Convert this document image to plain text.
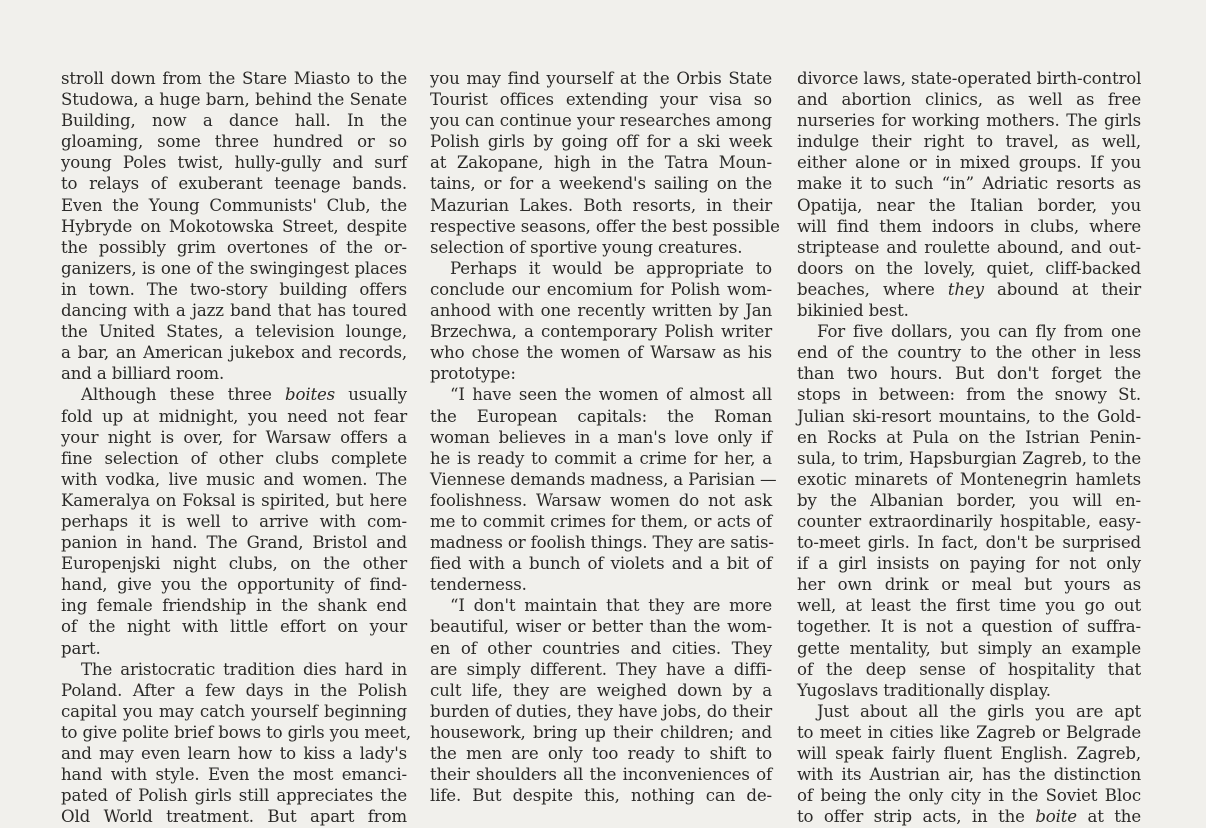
stroll down from the Stare Miasto to the
Studowa, a huge barn, behind the Senate
Building, now a dance hall. In the
gloaming, some three hundred or so
young Poles twist, hully-gully and surf
to relays of exuberant teenage bands.
Even the Young Communists' Club, the
Hybryde on Mokotowska Street, despite
the possibly grim overtones of the or-
ganizers, is one of the swingingest places
in town. The two-story building offers
dancing with a jazz band that has toured
the United States, a television lounge,
a bar, an American jukebox and records,
and a billiard room.
Although these three boites usually
fold up at midnight, you need not fear
your night is over, for Warsaw offers a
fine selection of other clubs complete
with vodka, live music and women. The
Kameralya on Foksal is spirited, but here
perhaps it is well to arrive with com-
panion in hand. The Grand, Bristol and
Europenjski night clubs, on the other
hand, give you the opportunity of find-
ing female friendship in the shank end
of the night with little effort on your
part.
The aristocratic tradition dies hard in
Poland. After a few days in the Polish
capital you may catch yourself beginning
to give polite brief bows to girls you meet,
and may even learn how to kiss a lady's
hand with style. Even the most emanci-
pated of Polish girls still appreciates the
Old World treatment. But apart from
you may find yourself at the Orbis State
Tourist offices extending your visa so
you can continue your researches among
Polish girls by going off for a ski week
at Zakopane, high in the Tatra Moun-
tains, or for a weekend's sailing on the
Mazurian Lakes. Both resorts, in their
respective seasons, offer the best possible
selection of sportive young creatures.
Perhaps it would be appropriate to
conclude our encomium for Polish wom-
anhood with one recently written by Jan
Brzechwa, a contemporary Polish writer
who chose the women of Warsaw as his
prototype:
“I have seen the women of almost all
the European capitals: the Roman
woman believes in a man's love only if
he is ready to commit a crime for her, a
Viennese demands madness, a Parisian —
foolishness. Warsaw women do not ask
me to commit crimes for them, or acts of
madness or foolish things. They are satis-
fied with a bunch of violets and a bit of
tenderness.
“I don't maintain that they are more
beautiful, wiser or better than the wom-
en of other countries and cities. They
are simply different. They have a diffi-
cult life, they are weighed down by a
burden of duties, they have jobs, do their
housework, bring up their children; and
the men are only too ready to shift to
their shoulders all the inconveniences of
life. But despite this, nothing can de-
divorce laws, state-operated birth-control
and abortion clinics, as well as free
nurseries for working mothers. The girls
indulge their right to travel, as well,
either alone or in mixed groups. If you
make it to such “in” Adriatic resorts as
Opatija, near the Italian border, you
will find them indoors in clubs, where
striptease and roulette abound, and out-
doors on the lovely, quiet, cliff-backed
beaches, where they abound at their
bikinied best.
For five dollars, you can fly from one
end of the country to the other in less
than two hours. But don't forget the
stops in between: from the snowy St.
Julian ski-resort mountains, to the Gold-
en Rocks at Pula on the Istrian Penin-
sula, to trim, Hapsburgian Zagreb, to the
exotic minarets of Montenegrin hamlets
by the Albanian border, you will en-
counter extraordinarily hospitable, easy-
to-meet girls. In fact, don't be surprised
if a girl insists on paying for not only
her own drink or meal but yours as
well, at least the first time you go out
together. It is not a question of suffra-
gette mentality, but simply an example
of the deep sense of hospitality that
Yugoslavs traditionally display.
Just about all the girls you are apt
to meet in cities like Zagreb or Belgrade
will speak fairly fluent English. Zagreb,
with its Austrian air, has the distinction
of being the only city in the Soviet Bloc
to offer strip acts, in the boite at the
